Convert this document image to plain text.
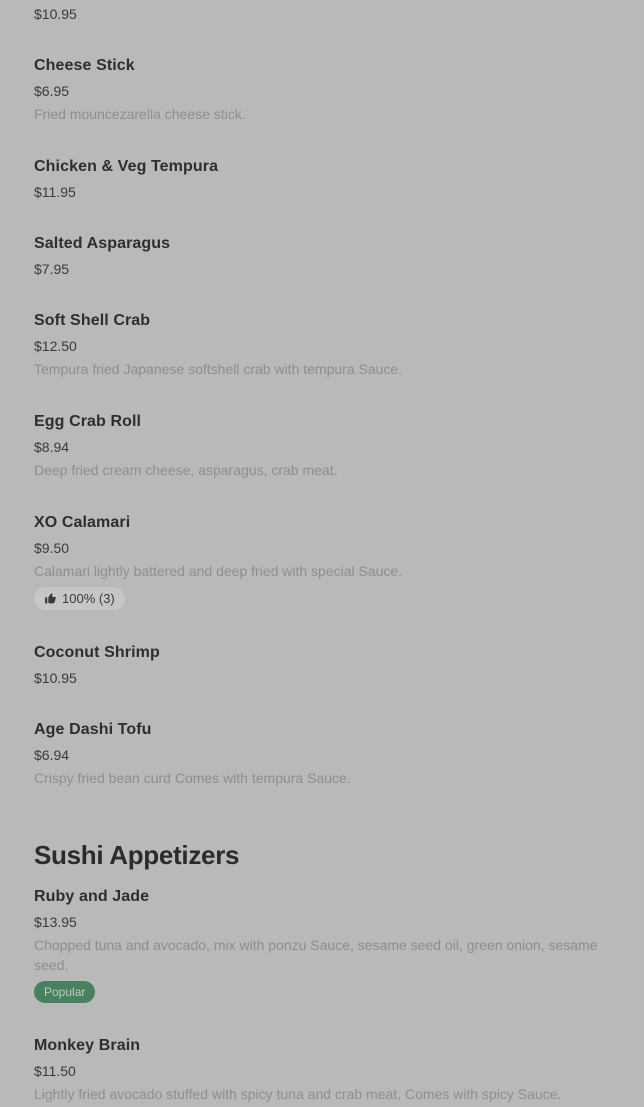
$10.95
Cheese Stick
$6.95
Fried mouncezarella cheese stick.
Chicken & Veg Tempura
$11.95
Salted Asparagus
$7.95
Soft Shell Crab
$12.50
Tempura fried Japanese softshell crab with tempura Sauce.
Egg Crab Roll
$8.94
Deep fried cream cheese, asparagus, crab meat.
XO Calamari
$9.50
Calamari lightly battered and deep fried with special Sauce.
100% (3)
Coconut Shrimp
$10.95
Age Dashi Tofu
$6.94
Crispy fried bean curd Comes with tempura Sauce.
Sushi Appetizers
Ruby and Jade
$13.95
Chopped tuna and avocado, mix with ponzu Sauce, sesame seed oil, green onion, sesame seed.
Popular
Monkey Brain
$11.50
Lightly fried avocado stuffed with spicy tuna and crab meat, Comes with spicy Sauce.
